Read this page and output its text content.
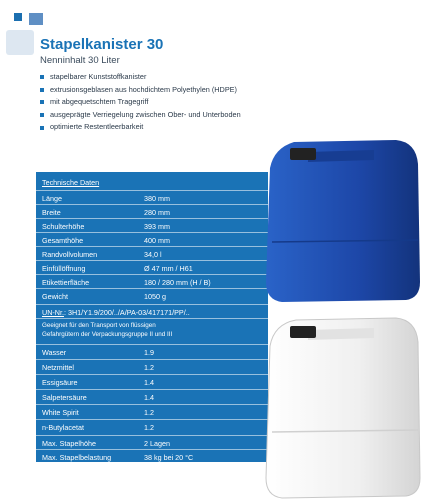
Stapelkanister 30
Nenninhalt 30 Liter
stapelbarer Kunststoffkanister
extrusionsgeblasen aus hochdichtem Polyethylen (HDPE)
mit abgequetschtem Tragegriff
ausgeprägte Verriegelung zwischen Ober- und Unterboden
optimierte Restentleerbarkeit
Technische Daten
Länge	380 mm
Breite	280 mm
Schulterhöhe	393 mm
Gesamthöhe	400 mm
Randvollvolumen	34,0 l
Einfüllöffnung	Ø 47 mm / H61
Etikettierfläche	180 / 280 mm (H / B)
Gewicht	1050 g
UN-Nr.: 3H1/Y1.9/200/../A/PA-03/417171/PP/..
Geeignet für den Transport von flüssigen
Gefahrgütern der Verpackungsgruppe II und III
Wasser	1.9
Netzmittel	1.2
Essigsäure	1.4
Salpetersäure	1.4
White Spirit	1.2
n-Butylacetat	1.2
Max. Stapelhöhe	2 Lagen
Max. Stapelbelastung	38 kg bei 20 °C
